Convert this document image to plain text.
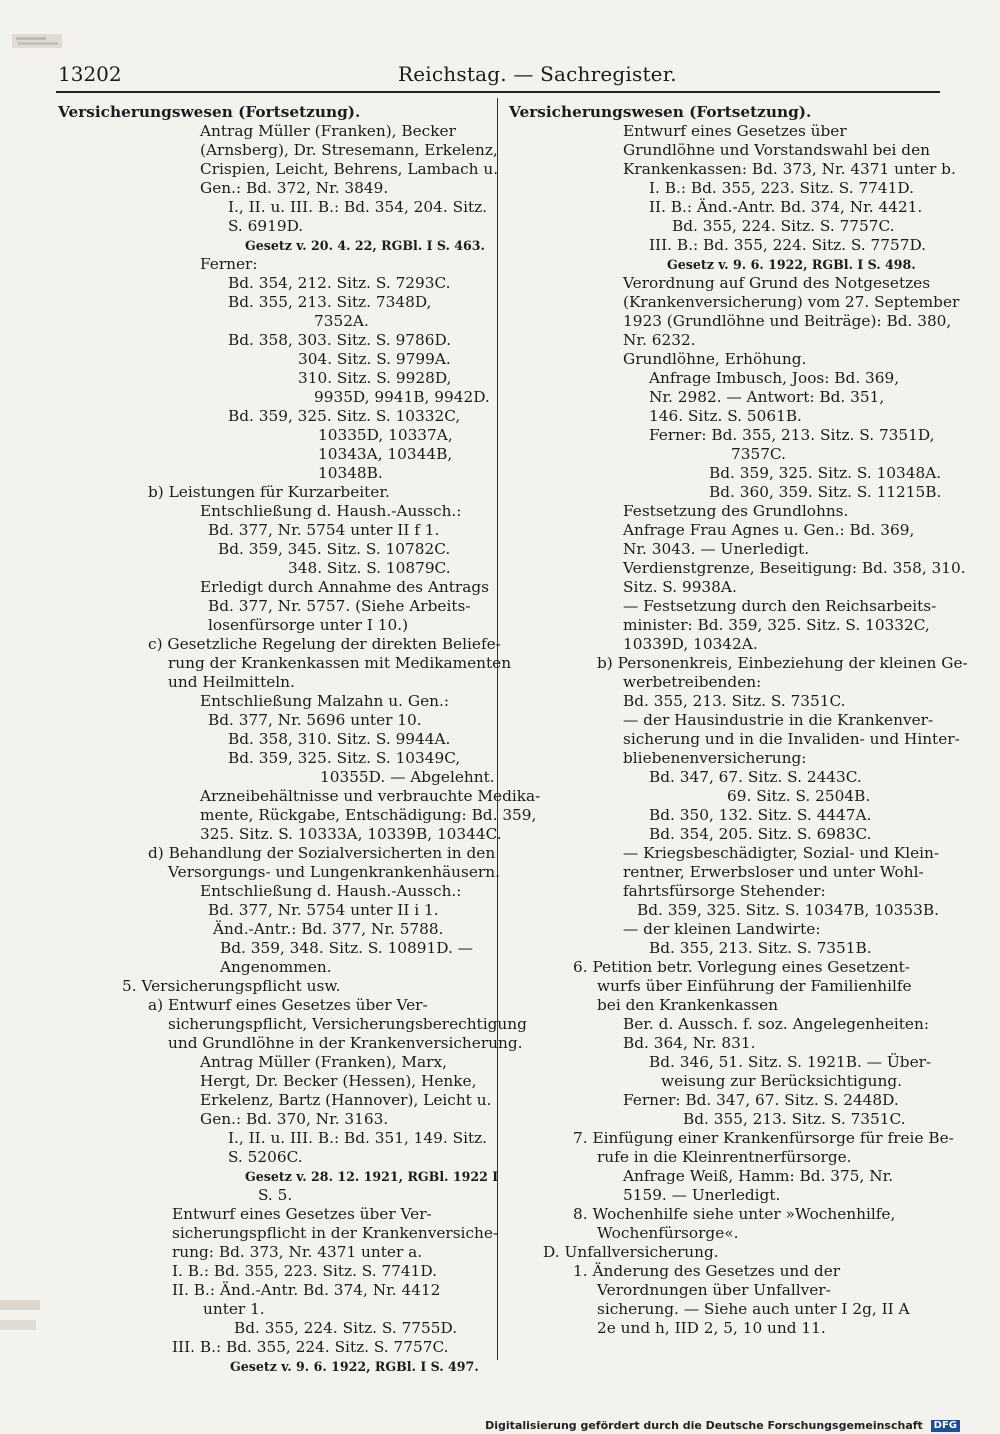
13202	Reichstag. — Sachregister.
Versicherungswesen (Fortsetzung).
Antrag Müller (Franken), Becker
(Arnsberg), Dr. Stresemann, Erkelenz,
Crispien, Leicht, Behrens, Lambach u.
Gen.: Bd. 372, Nr. 3849.
I., II. u. III. B.: Bd. 354, 204. Sitz.
S. 6919D.
Gesetz v. 20. 4. 22, RGBl. I S. 463.
Ferner:
Bd. 354, 212. Sitz. S. 7293C.
Bd. 355, 213. Sitz. 7348D,
7352A.
Bd. 358, 303. Sitz. S. 9786D.
304. Sitz. S. 9799A.
310. Sitz. S. 9928D,
9935D, 9941B, 9942D.
Bd. 359, 325. Sitz. S. 10332C,
10335D, 10337A,
10343A, 10344B,
10348B.
b) Leistungen für Kurzarbeiter.
Entschließung d. Haush.-Aussch.:
Bd. 377, Nr. 5754 unter II f 1.
Bd. 359, 345. Sitz. S. 10782C.
348. Sitz. S. 10879C.
Erledigt durch Annahme des Antrags
Bd. 377, Nr. 5757. (Siehe Arbeits-
losenfürsorge unter I 10.)
c) Gesetzliche Regelung der direkten Beliefe-
rung der Krankenkassen mit Medikamenten
und Heilmitteln.
Entschließung Malzahn u. Gen.:
Bd. 377, Nr. 5696 unter 10.
Bd. 358, 310. Sitz. S. 9944A.
Bd. 359, 325. Sitz. S. 10349C,
10355D. — Abgelehnt.
Arzneibehältnisse und verbrauchte Medika-
mente, Rückgabe, Entschädigung: Bd. 359,
325. Sitz. S. 10333A, 10339B, 10344C.
d) Behandlung der Sozialversicherten in den
Versorgungs- und Lungenkrankenhäusern.
Entschließung d. Haush.-Aussch.:
Bd. 377, Nr. 5754 unter II i 1.
Änd.-Antr.: Bd. 377, Nr. 5788.
Bd. 359, 348. Sitz. S. 10891D. —
Angenommen.
5. Versicherungspflicht usw.
a) Entwurf eines Gesetzes über Ver-
sicherungspflicht, Versicherungsberechtigung
und Grundlöhne in der Krankenversicherung.
Antrag Müller (Franken), Marx,
Hergt, Dr. Becker (Hessen), Henke,
Erkelenz, Bartz (Hannover), Leicht u.
Gen.: Bd. 370, Nr. 3163.
I., II. u. III. B.: Bd. 351, 149. Sitz.
S. 5206C.
Gesetz v. 28. 12. 1921, RGBl. 1922 I
S. 5.
Entwurf eines Gesetzes über Ver-
sicherungspflicht in der Krankenversiche-
rung: Bd. 373, Nr. 4371 unter a.
I. B.: Bd. 355, 223. Sitz. S. 7741D.
II. B.: Änd.-Antr. Bd. 374, Nr. 4412
unter 1.
Bd. 355, 224. Sitz. S. 7755D.
III. B.: Bd. 355, 224. Sitz. S. 7757C.
Gesetz v. 9. 6. 1922, RGBl. I S. 497.
Versicherungswesen (Fortsetzung).
Entwurf eines Gesetzes über
Grundlöhne und Vorstandswahl bei den
Krankenkassen: Bd. 373, Nr. 4371 unter b.
I. B.: Bd. 355, 223. Sitz. S. 7741D.
II. B.: Änd.-Antr. Bd. 374, Nr. 4421.
Bd. 355, 224. Sitz. S. 7757C.
III. B.: Bd. 355, 224. Sitz. S. 7757D.
Gesetz v. 9. 6. 1922, RGBl. I S. 498.
Verordnung auf Grund des Notgesetzes
(Krankenversicherung) vom 27. September
1923 (Grundlöhne und Beiträge): Bd. 380,
Nr. 6232.
Grundlöhne, Erhöhung.
Anfrage Imbusch, Joos: Bd. 369,
Nr. 2982. — Antwort: Bd. 351,
146. Sitz. S. 5061B.
Ferner: Bd. 355, 213. Sitz. S. 7351D,
7357C.
Bd. 359, 325. Sitz. S. 10348A.
Bd. 360, 359. Sitz. S. 11215B.
Festsetzung des Grundlohns.
Anfrage Frau Agnes u. Gen.: Bd. 369,
Nr. 3043. — Unerledigt.
Verdienstgrenze, Beseitigung: Bd. 358, 310.
Sitz. S. 9938A.
— Festsetzung durch den Reichsarbeits-
minister: Bd. 359, 325. Sitz. S. 10332C,
10339D, 10342A.
b) Personenkreis, Einbeziehung der kleinen Ge-
werbetreibenden:
Bd. 355, 213. Sitz. S. 7351C.
— der Hausindustrie in die Krankenver-
sicherung und in die Invaliden- und Hinter-
bliebenenversicherung:
Bd. 347, 67. Sitz. S. 2443C.
69. Sitz. S. 2504B.
Bd. 350, 132. Sitz. S. 4447A.
Bd. 354, 205. Sitz. S. 6983C.
— Kriegsbeschädigter, Sozial- und Klein-
rentner, Erwerbsloser und unter Wohl-
fahrtsfürsorge Stehender:
Bd. 359, 325. Sitz. S. 10347B, 10353B.
— der kleinen Landwirte:
Bd. 355, 213. Sitz. S. 7351B.
6. Petition betr. Vorlegung eines Gesetzent-
wurfs über Einführung der Familienhilfe
bei den Krankenkassen
Ber. d. Aussch. f. soz. Angelegenheiten:
Bd. 364, Nr. 831.
Bd. 346, 51. Sitz. S. 1921B. — Über-
weisung zur Berücksichtigung.
Ferner: Bd. 347, 67. Sitz. S. 2448D.
Bd. 355, 213. Sitz. S. 7351C.
7. Einfügung einer Krankenfürsorge für freie Be-
rufe in die Kleinrentnerfürsorge.
Anfrage Weiß, Hamm: Bd. 375, Nr.
5159. — Unerledigt.
8. Wochenhilfe siehe unter »Wochenhilfe,
Wochenfürsorge«.
D. Unfallversicherung.
1. Änderung des Gesetzes und der
Verordnungen über Unfallver-
sicherung. — Siehe auch unter I 2g, II A
2e und h, IID 2, 5, 10 und 11.
Digitalisierung gefördert durch die Deutsche Forschungsgemeinschaft DFG
